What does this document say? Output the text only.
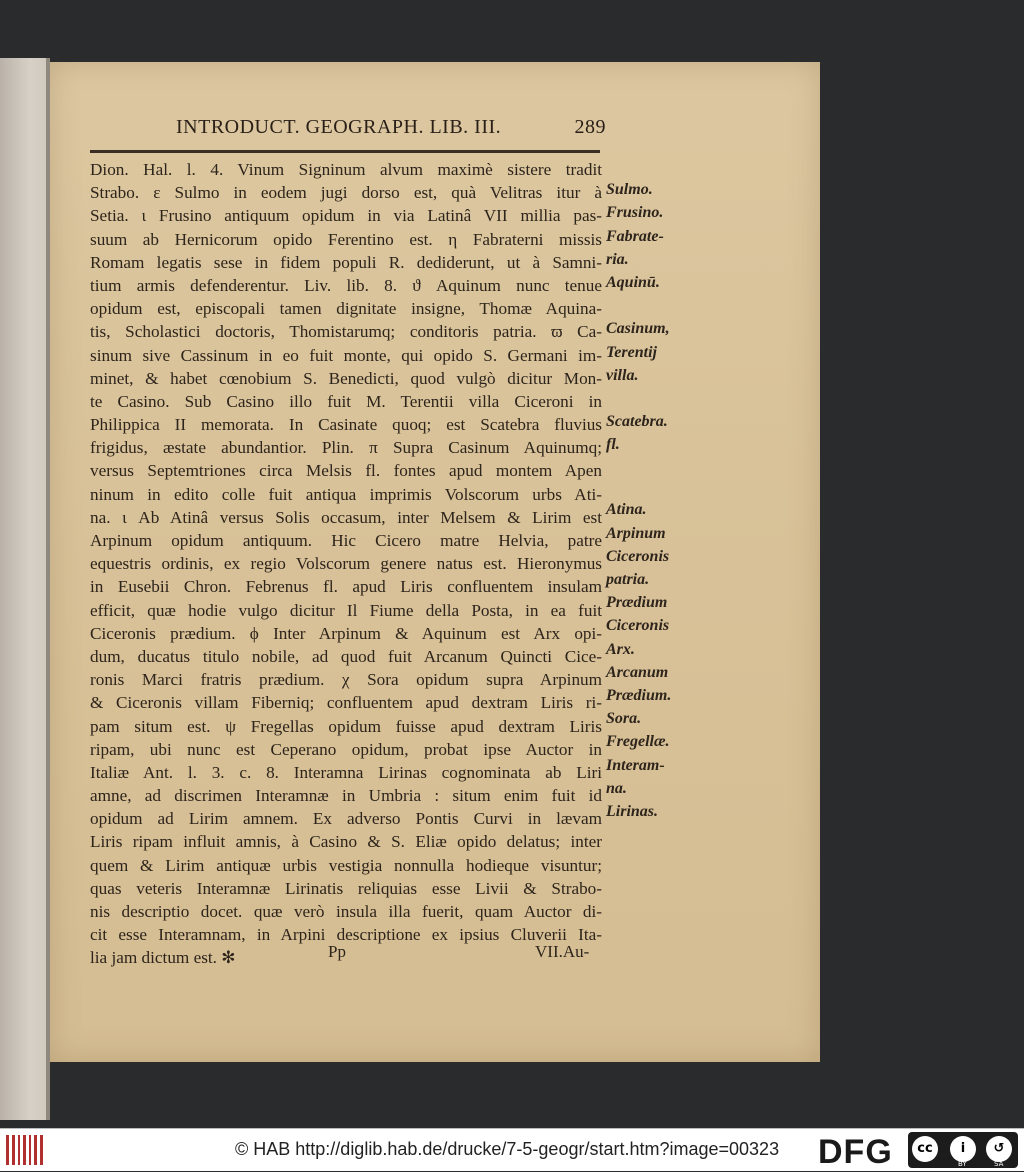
INTRODUCT. GEOGRAPH. LIB. III.	289
Dion. Hal. l. 4. Vinum Signinum alvum maximè sistere tradit
Strabo. ε Sulmo in eodem jugi dorso est, quà Velitras itur à
Setia. ι Frusino antiquum opidum in via Latinâ VII millia pas-
suum ab Hernicorum opido Ferentino est. η Fabraterni missis
Romam legatis sese in fidem populi R. dediderunt, ut à Samni-
tium armis defenderentur. Liv. lib. 8. ϑ Aquinum nunc tenue
opidum est, episcopali tamen dignitate insigne, Thomæ Aquina-
tis, Scholastici doctoris, Thomistarumq; conditoris patria. ϖ Ca-
sinum sive Cassinum in eo fuit monte, qui opido S. Germani im-
minet, & habet cœnobium S. Benedicti, quod vulgò dicitur Mon-
te Casino. Sub Casino illo fuit M. Terentii villa Ciceroni in
Philippica II memorata. In Casinate quoq; est Scatebra fluvius
frigidus, æstate abundantior. Plin. π Supra Casinum Aquinumq;
versus Septemtriones circa Melsis fl. fontes apud montem Apen
ninum in edito colle fuit antiqua imprimis Volscorum urbs Ati-
na. ι Ab Atinâ versus Solis occasum, inter Melsem & Lirim est
Arpinum opidum antiquum. Hic Cicero matre Helvia, patre
equestris ordinis, ex regio Volscorum genere natus est. Hieronymus
in Eusebii Chron. Febrenus fl. apud Liris confluentem insulam
efficit, quæ hodie vulgo dicitur Il Fiume della Posta, in ea fuit
Ciceronis prædium. ϕ Inter Arpinum & Aquinum est Arx opi-
dum, ducatus titulo nobile, ad quod fuit Arcanum Quincti Cice-
ronis Marci fratris prædium. χ Sora opidum supra Arpinum
& Ciceronis villam Fiberniq; confluentem apud dextram Liris ri-
pam situm est. ψ Fregellas opidum fuisse apud dextram Liris
ripam, ubi nunc est Ceperano opidum, probat ipse Auctor in
Italiæ Ant. l. 3. c. 8. Interamna Lirinas cognominata ab Liri
amne, ad discrimen Interamnæ in Umbria : situm enim fuit id
opidum ad Lirim amnem. Ex adverso Pontis Curvi in lævam
Liris ripam influit amnis, à Casino & S. Eliæ opido delatus; inter
quem & Lirim antiquæ urbis vestigia nonnulla hodieque visuntur;
quas veteris Interamnæ Lirinatis reliquias esse Livii & Strabo-
nis descriptio docet. quæ verò insula illa fuerit, quam Auctor di-
cit esse Interamnam, in Arpini descriptione ex ipsius Cluverii Ita-
lia jam dictum est. ✻
Sulmo.
Frusino.
Fabrate-
ria.
Aquinū.
Casinum,
Terentij
villa.
Scatebra.
fl.
Atina.
Arpinum
Ciceronis
patria.
Prædium
Ciceronis
Arx.
Arcanum
Prædium.
Sora.
Fregellæ.
Interam-
na.
Lirinas.
Pp	VII.Au-
© HAB http://diglib.hab.de/drucke/7-5-geogr/start.htm?image=00323 DFG	cc	i	↺
BY	SA
